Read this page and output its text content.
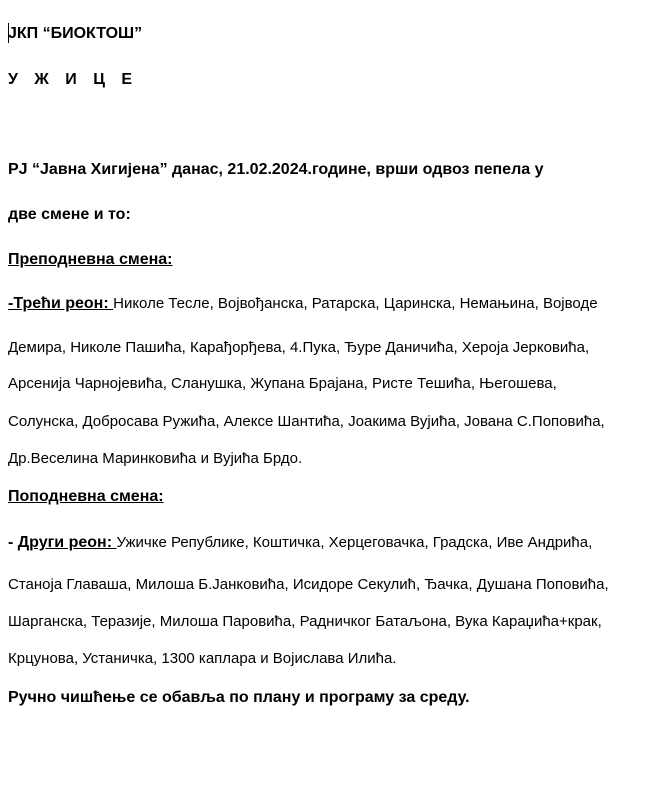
ЈКП “БИОКТОШ”
У Ж И Ц Е
PJ “Јавна Хигијена” данас, 21.02.2024.године, врши одвоз пепела у
две смене и то:
Преподневна смена:
-Трећи реон: Николе Тесле, Војвођанска, Ратарска, Царинска, Немањина, Војводе
Демира, Николе Пашића, Карађорђева, 4.Пука, Ђуре Даничића, Хероја Јерковића,
Арсенија Чарнојевића, Сланушка, Жупана Брајана, Ристе Тешића, Његошева,
Солунска, Добросава Ружића, Алексе Шантића, Јоакима Вујића, Јована С.Поповића,
Др.Веселина Маринковића и Вујића Брдо.
Поподневна смена:
- Други реон: Ужичке Републике, Коштичка, Херцеговачка, Градска, Иве Андрића,
Станоја Главаша, Милоша Б.Јанковића, Исидоре Секулић, Ђачка, Душана Поповића,
Шарганска, Теразије, Милоша Паровића, Радничког Батаљона, Вука Караџића+крак,
Крцунова, Устаничка, 1300 каплара и Војислава Илића.
Ручно чишћење се обавља по плану и програму за среду.
